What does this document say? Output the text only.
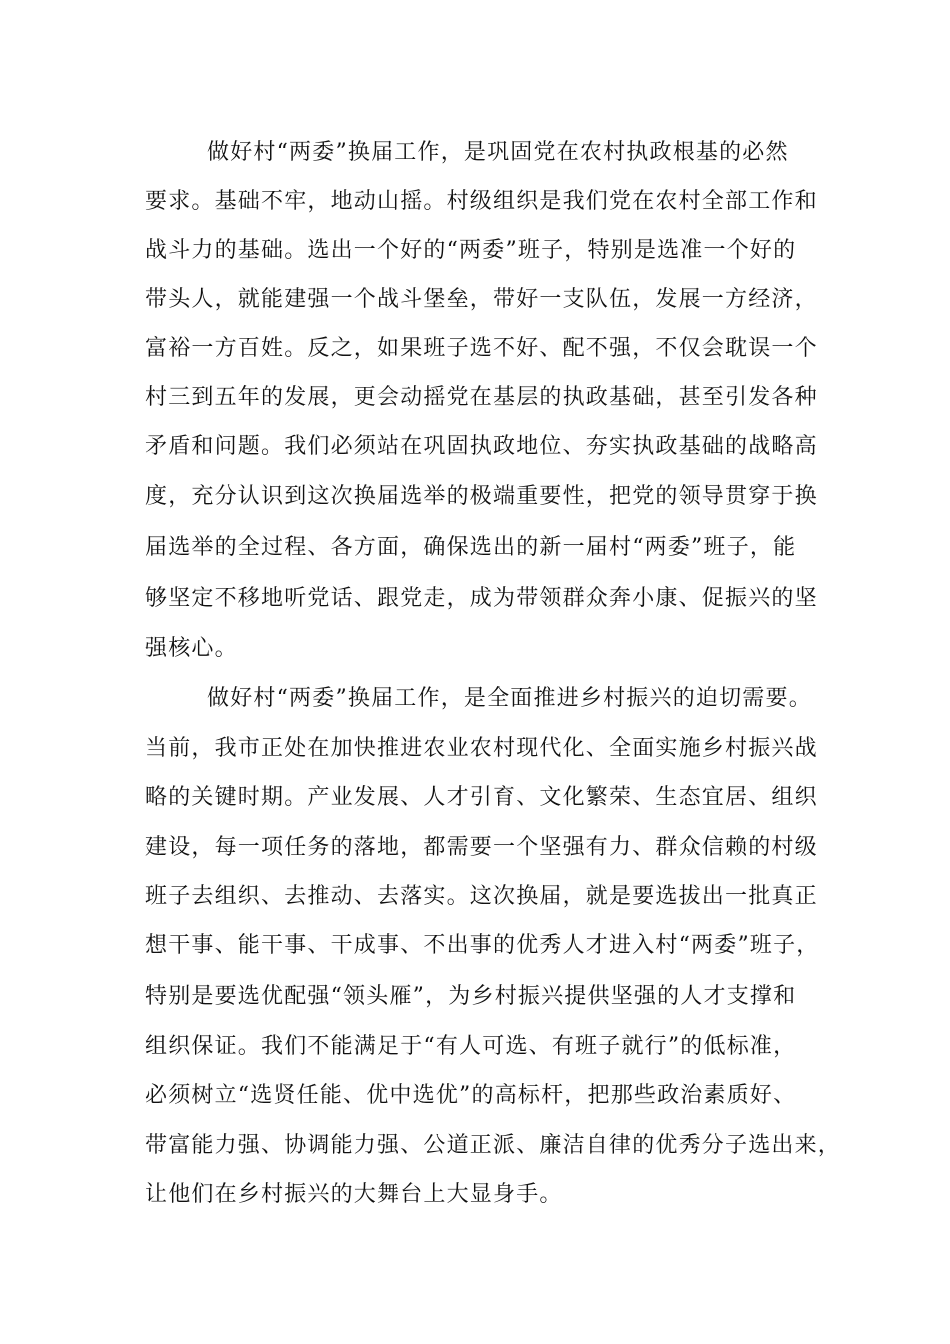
做好村“两委”换届工作，是巩固党在农村执政根基的必然
要求。基础不牢，地动山摇。村级组织是我们党在农村全部工作和
战斗力的基础。选出一个好的“两委”班子，特别是选准一个好的
带头人，就能建强一个战斗堡垒，带好一支队伍，发展一方经济，
富裕一方百姓。反之，如果班子选不好、配不强，不仅会耽误一个
村三到五年的发展，更会动摇党在基层的执政基础，甚至引发各种
矛盾和问题。我们必须站在巩固执政地位、夯实执政基础的战略高
度，充分认识到这次换届选举的极端重要性，把党的领导贯穿于换
届选举的全过程、各方面，确保选出的新一届村“两委”班子，能
够坚定不移地听党话、跟党走，成为带领群众奔小康、促振兴的坚
强核心。
做好村“两委”换届工作，是全面推进乡村振兴的迫切需要。
当前，我市正处在加快推进农业农村现代化、全面实施乡村振兴战
略的关键时期。产业发展、人才引育、文化繁荣、生态宜居、组织
建设，每一项任务的落地，都需要一个坚强有力、群众信赖的村级
班子去组织、去推动、去落实。这次换届，就是要选拔出一批真正
想干事、能干事、干成事、不出事的优秀人才进入村“两委”班子，
特别是要选优配强“领头雁”，为乡村振兴提供坚强的人才支撑和
组织保证。我们不能满足于“有人可选、有班子就行”的低标准，
必须树立“选贤任能、优中选优”的高标杆，把那些政治素质好、
带富能力强、协调能力强、公道正派、廉洁自律的优秀分子选出来，
让他们在乡村振兴的大舞台上大显身手。
